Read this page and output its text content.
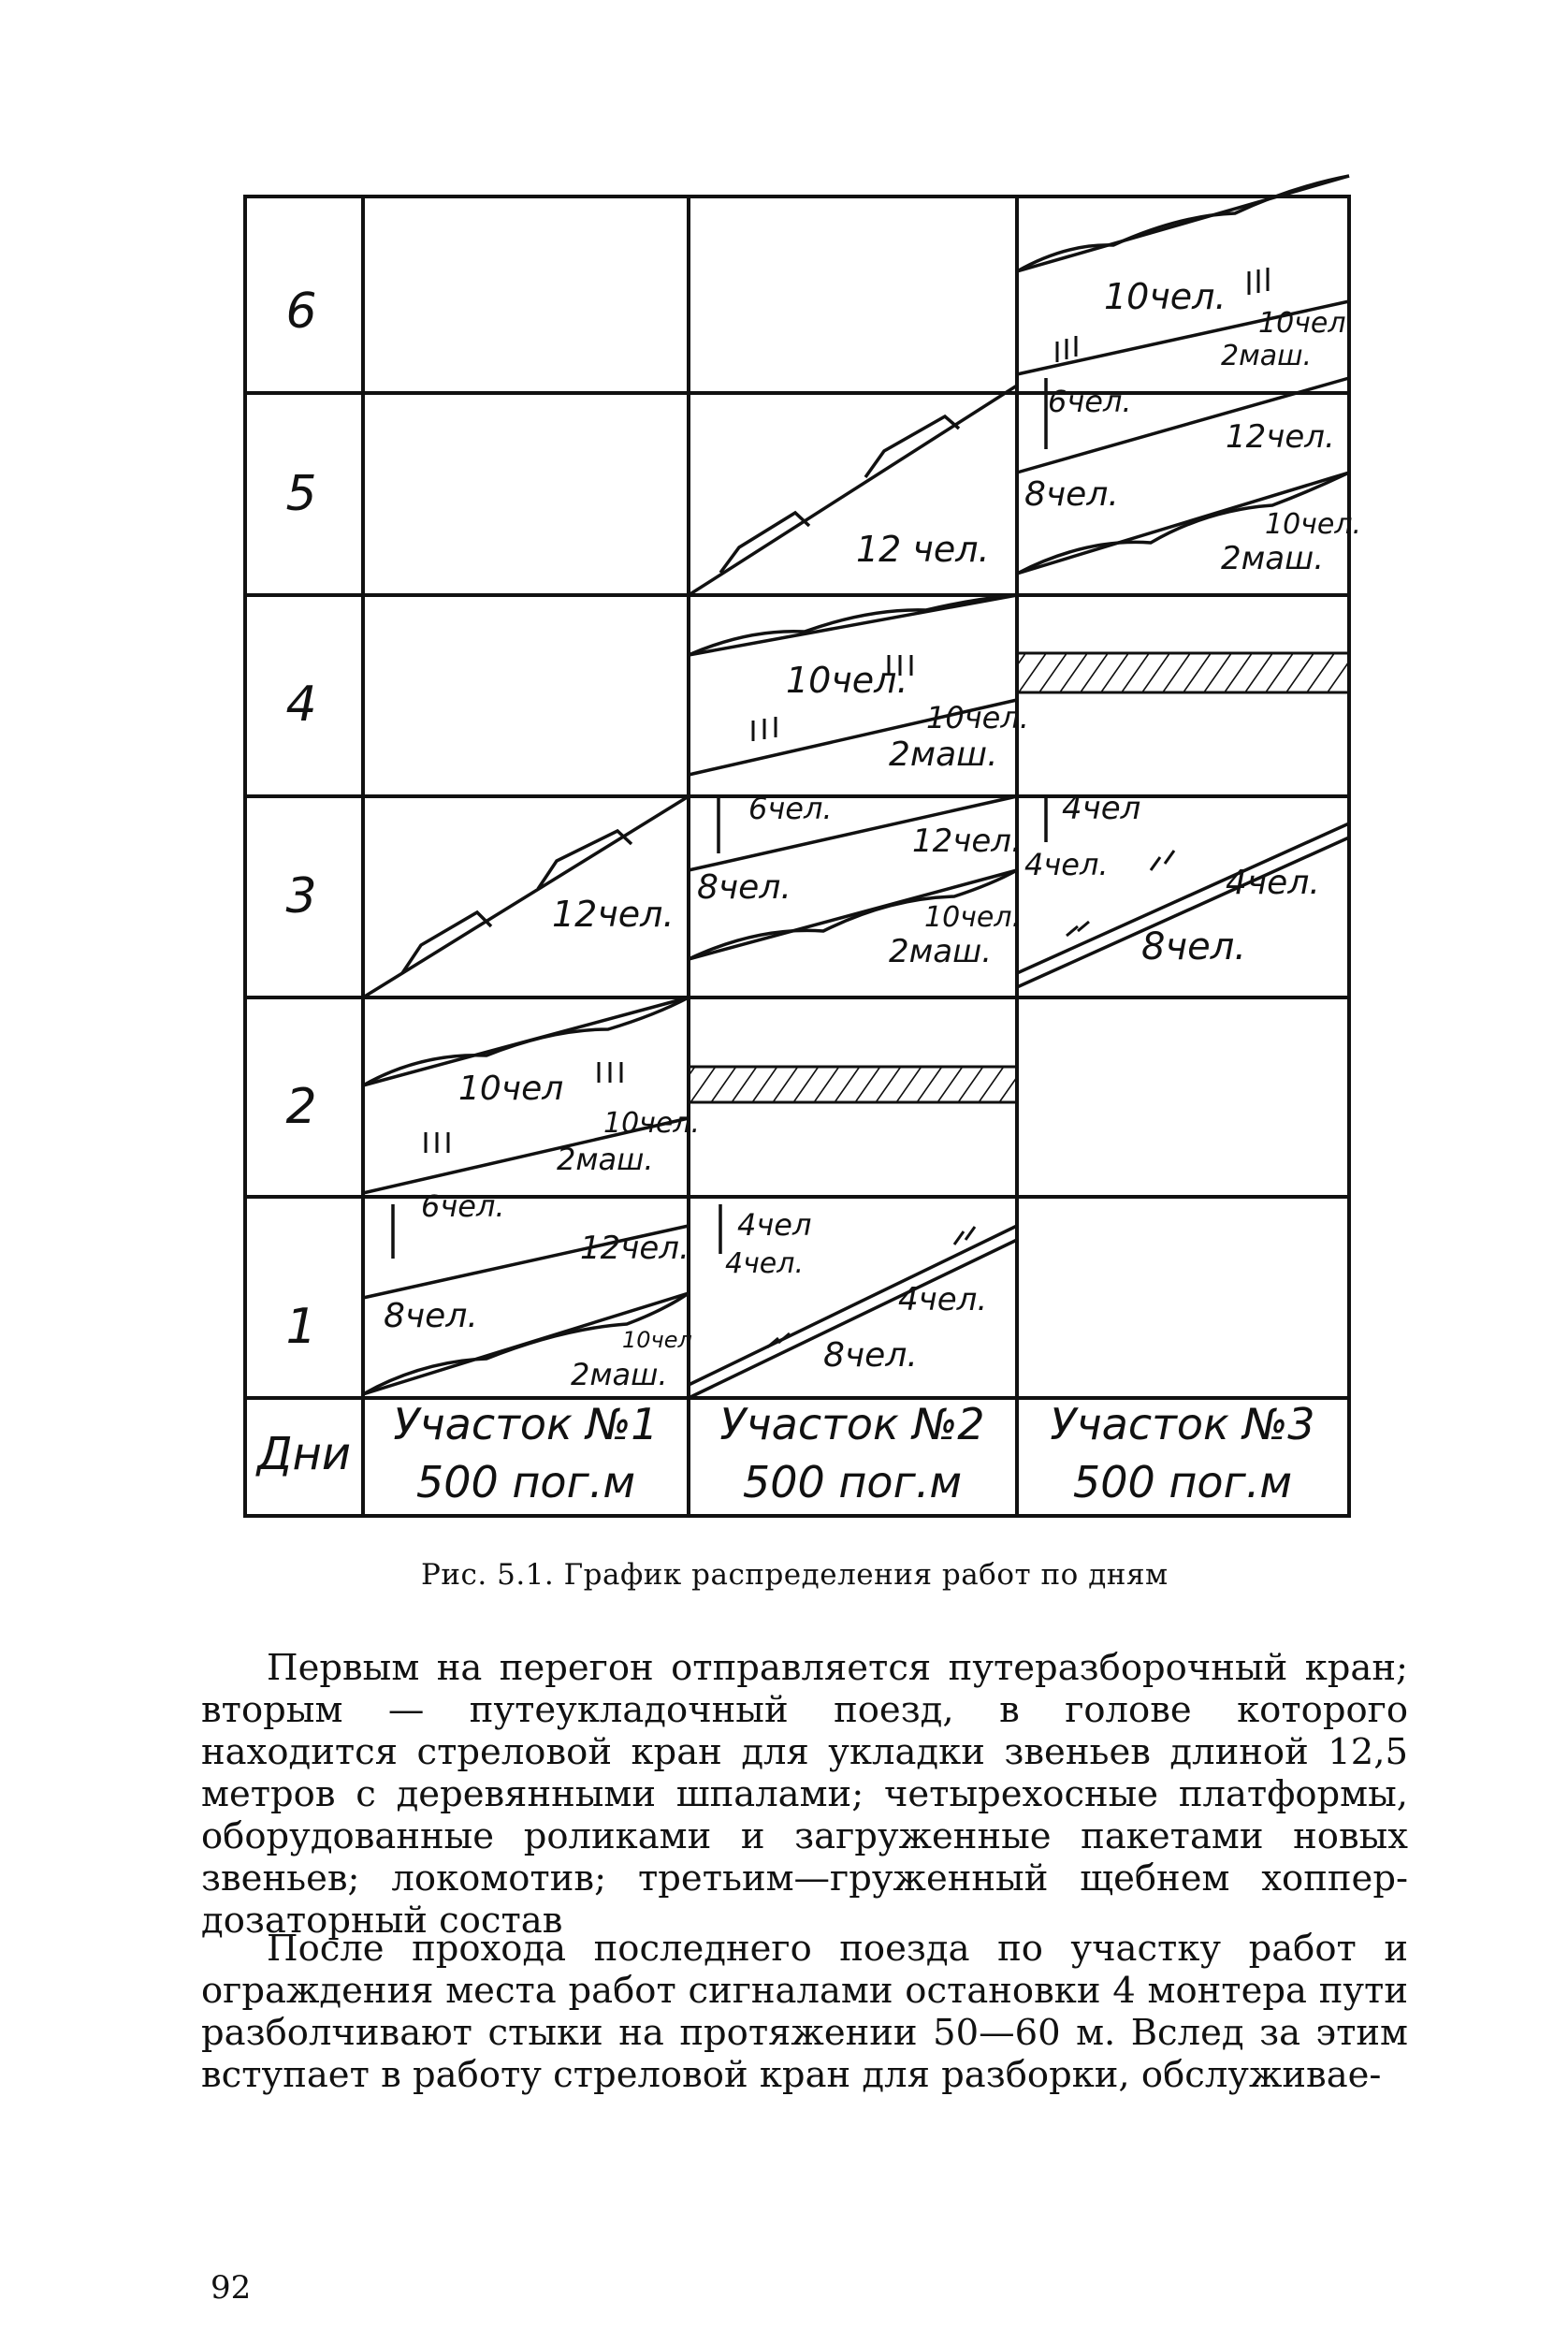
6
5
4
3
2
1
Дни
Участок №1
500 пог.м
Участок №2
500 пог.м
Участок №3
500 пог.м
10чел.
10чел.
2маш.
6чел.
12чел.
8чел.
10чел.
2маш.
12 чел.
10чел.
10чел.
2маш.
6чел.
12чел.
8чел.
10чел.
2маш.
4чел
4чел.	4чел.
8чел.
12чел.
10чел
10чел.
2маш.
6чел.
12чел.
8чел.
10чел
2маш.
4чел
4чел.
4чел.
8чел.
Рис. 5.1. График распределения работ по дням

Первым на перегон отправляется путеразборочный кран; вторым — путеукладочный поезд, в голове которого находится стреловой кран для укладки звеньев длиной 12,5 метров с деревянными шпалами; четырехосные платформы, оборудованные роликами и загруженные пакетами новых звеньев; локомотив; третьим—груженный щебнем хоппер-дозаторный состав

После прохода последнего поезда по участку работ и ограждения места работ сигналами остановки 4 монтера пути разболчивают стыки на протяжении 50—60 м. Вслед за этим вступает в работу стреловой кран для разборки, обслуживае-

92
